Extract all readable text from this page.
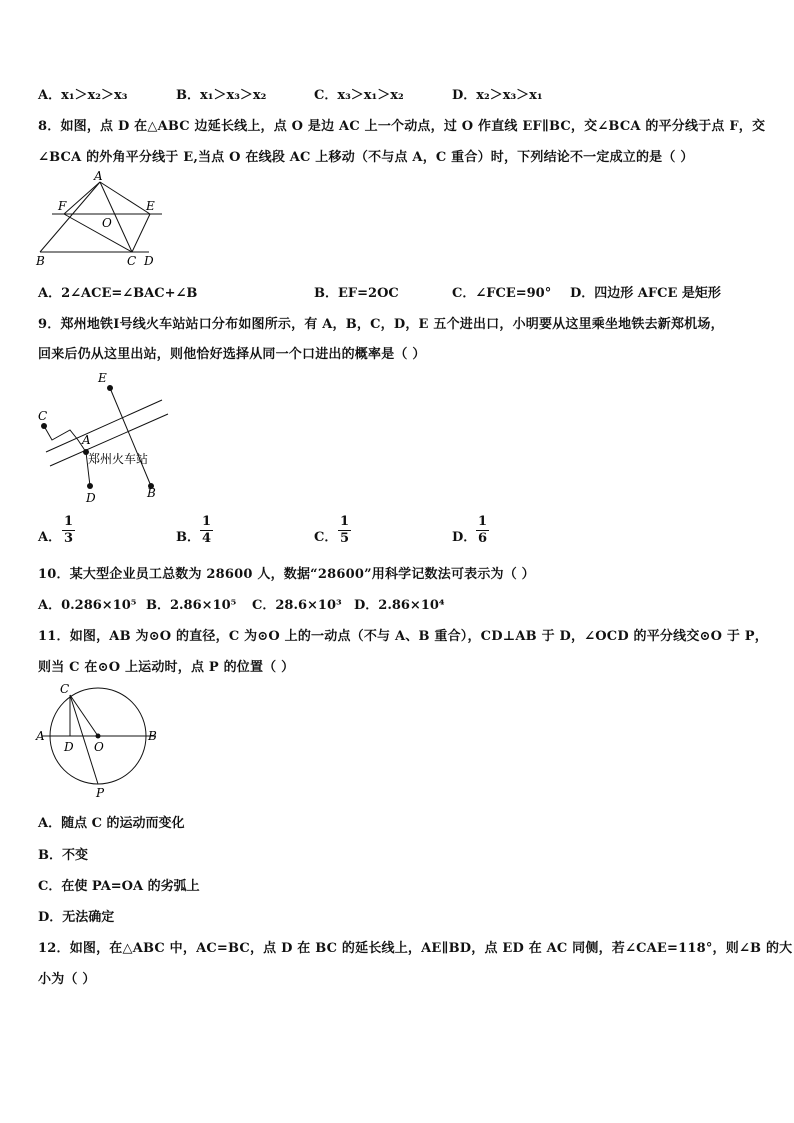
A．x₁＞x₂＞x₃	B．x₁＞x₃＞x₂	C．x₃＞x₁＞x₂	D．x₂＞x₃＞x₁
8．如图，点 D 在△ABC 边延长线上，点 O 是边 AC 上一个动点，过 O 作直线 EF∥BC，交∠BCA 的平分线于点 F，交
∠BCA 的外角平分线于 E,当点 O 在线段 AC 上移动（不与点 A，C 重合）时，下列结论不一定成立的是（ ）
A
F	E
O
B	C D
A．2∠ACE=∠BAC+∠B	B．EF=2OC	C．∠FCE=90° D．四边形 AFCE 是矩形
9．郑州地铁Ⅰ号线火车站站口分布如图所示，有 A，B，C，D，E 五个进出口，小明要从这里乘坐地铁去新郑机场，
回来后仍从这里出站，则他恰好选择从同一个口进出的概率是（ ）
E
C
A
D	B
郑州火车站
A． $\frac{1}{3}$	B． $\frac{1}{4}$	C． $\frac{1}{5}$	D． $\frac{1}{6}$
10．某大型企业员工总数为 28600 人，数据“28600”用科学记数法可表示为（ ）
A．0.286×10⁵ B．2.86×10⁵ C．28.6×10³ D．2.86×10⁴
11．如图，AB 为⊙O 的直径，C 为⊙O 上的一动点（不与 A、B 重合），CD⊥AB 于 D，∠OCD 的平分线交⊙O 于 P，
则当 C 在⊙O 上运动时，点 P 的位置（ ）
C
A
D O
B
P
A．随点 C 的运动而变化
B．不变
C．在使 PA=OA 的劣弧上
D．无法确定
12．如图，在△ABC 中，AC=BC，点 D 在 BC 的延长线上，AE∥BD，点 ED 在 AC 同侧，若∠CAE=118°，则∠B 的大
小为（ ）
